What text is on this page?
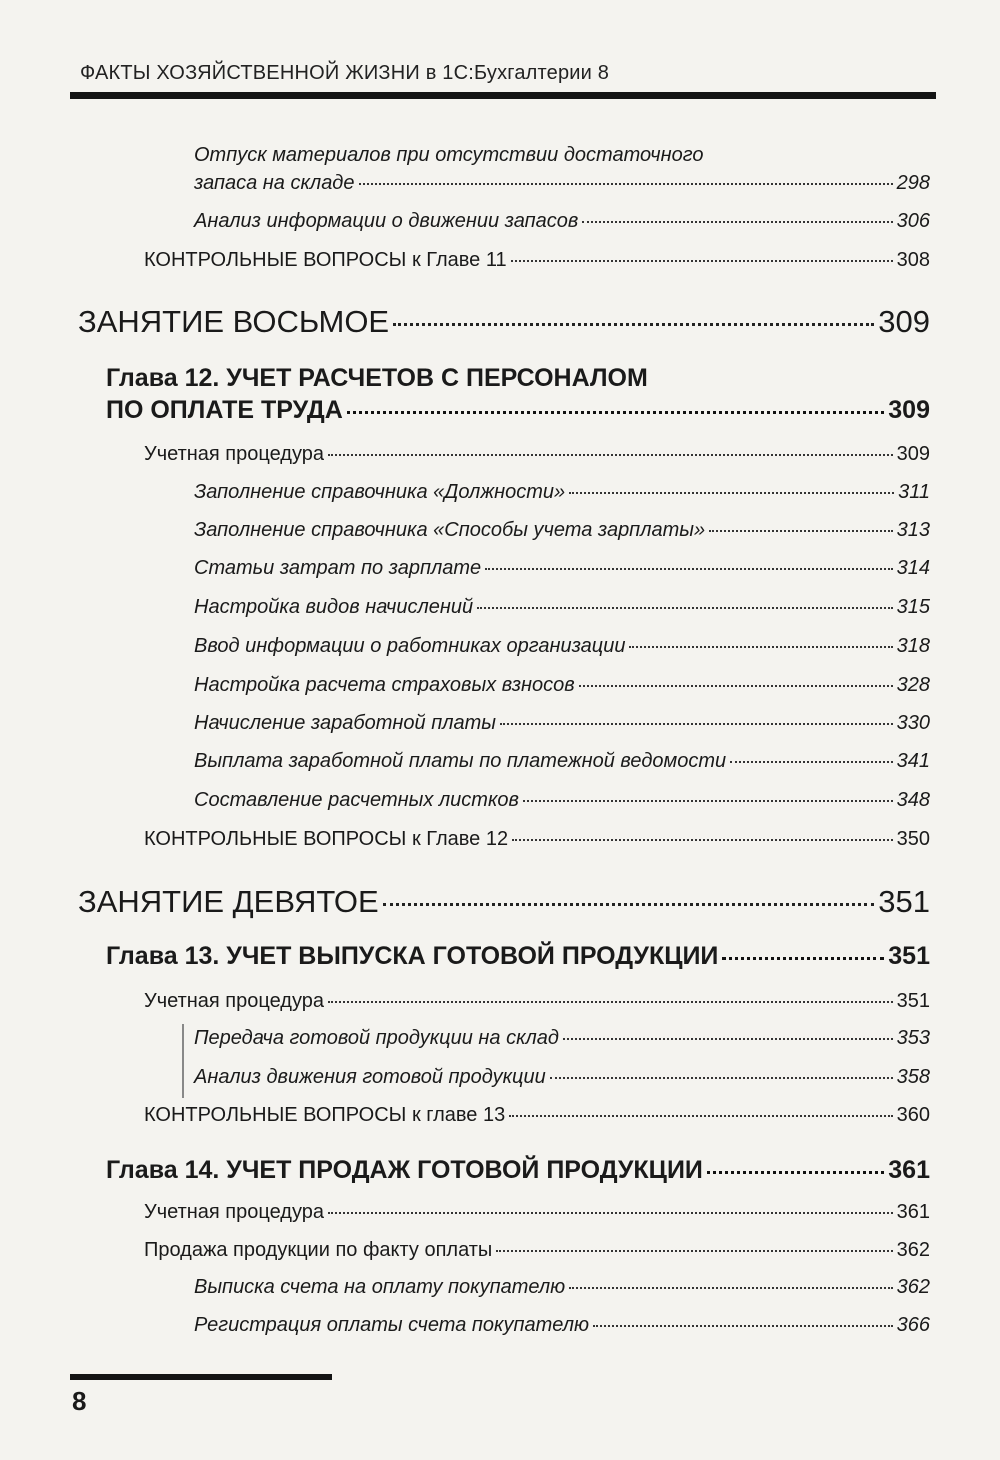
ФАКТЫ ХОЗЯЙСТВЕННОЙ ЖИЗНИ в 1С:Бухгалтерии 8
Отпуск материалов при отсутствии достаточного
запаса на складе	298
Анализ информации о движении запасов	306
КОНТРОЛЬНЫЕ ВОПРОСЫ к Главе 11	308
ЗАНЯТИЕ ВОСЬМОЕ	309
Глава 12. УЧЕТ РАСЧЕТОВ С ПЕРСОНАЛОМ
ПО ОПЛАТЕ ТРУДА	309
Учетная процедура	309
Заполнение справочника «Должности»	311
Заполнение справочника «Способы учета зарплаты»	313
Статьи затрат по зарплате	314
Настройка видов начислений	315
Ввод информации о работниках организации	318
Настройка расчета страховых взносов	328
Начисление заработной платы	330
Выплата заработной платы по платежной ведомости	341
Составление расчетных листков	348
КОНТРОЛЬНЫЕ ВОПРОСЫ к Главе 12	350
ЗАНЯТИЕ ДЕВЯТОЕ	351
Глава 13. УЧЕТ ВЫПУСКА ГОТОВОЙ ПРОДУКЦИИ	351
Учетная процедура	351
Передача готовой продукции на склад	353
Анализ движения готовой продукции	358
КОНТРОЛЬНЫЕ ВОПРОСЫ к главе 13	360
Глава 14. УЧЕТ ПРОДАЖ ГОТОВОЙ ПРОДУКЦИИ	361
Учетная процедура	361
Продажа продукции по факту оплаты	362
Выписка счета на оплату покупателю	362
Регистрация оплаты счета покупателю	366
8
